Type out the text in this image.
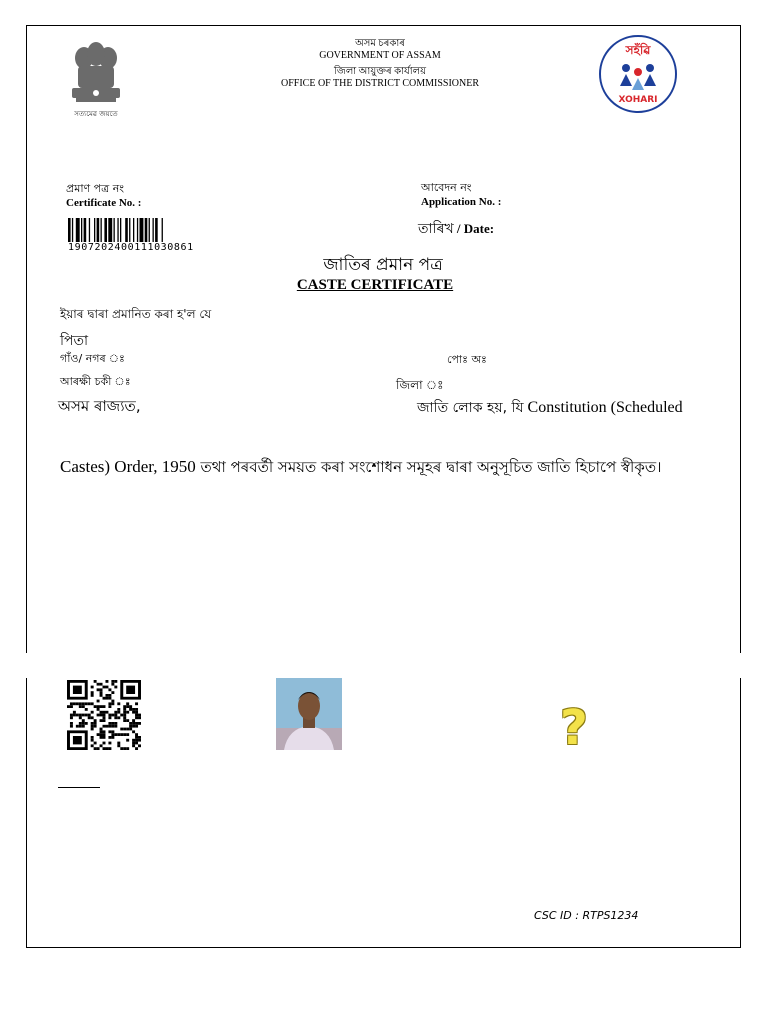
সত্যমেৱ জয়তে
অসম চৰকাৰ
GOVERNMENT OF ASSAM
জিলা আয়ুক্তৰ কাৰ্যালয়
OFFICE OF THE DISTRICT COMMISSIONER
সহঁৱি
XOHARI
প্ৰমাণ পত্ৰ নং
Certificate No. :
আবেদন নং
Application No. :
তাৰিখ / Date:
1907202400111030861
জাতিৰ প্ৰমান পত্ৰ
CASTE CERTIFICATE
ইয়াৰ দ্বাৰা প্ৰমানিত কৰা হ'ল যে
পিতা
গাঁও/ নগৰ ঃ	পোঃ অঃ
আৰক্ষী চকী ঃ	জিলা ঃ
অসম ৰাজ্যত,	জাতি লোক হয়, যি Constitution (Scheduled
Castes) Order, 1950 তথা পৰবৰ্তী সময়ত কৰা সংশোধন সমূহৰ দ্বাৰা অনুসূচিত জাতি হিচাপে স্বীকৃত।
?
CSC ID : RTPS1234
